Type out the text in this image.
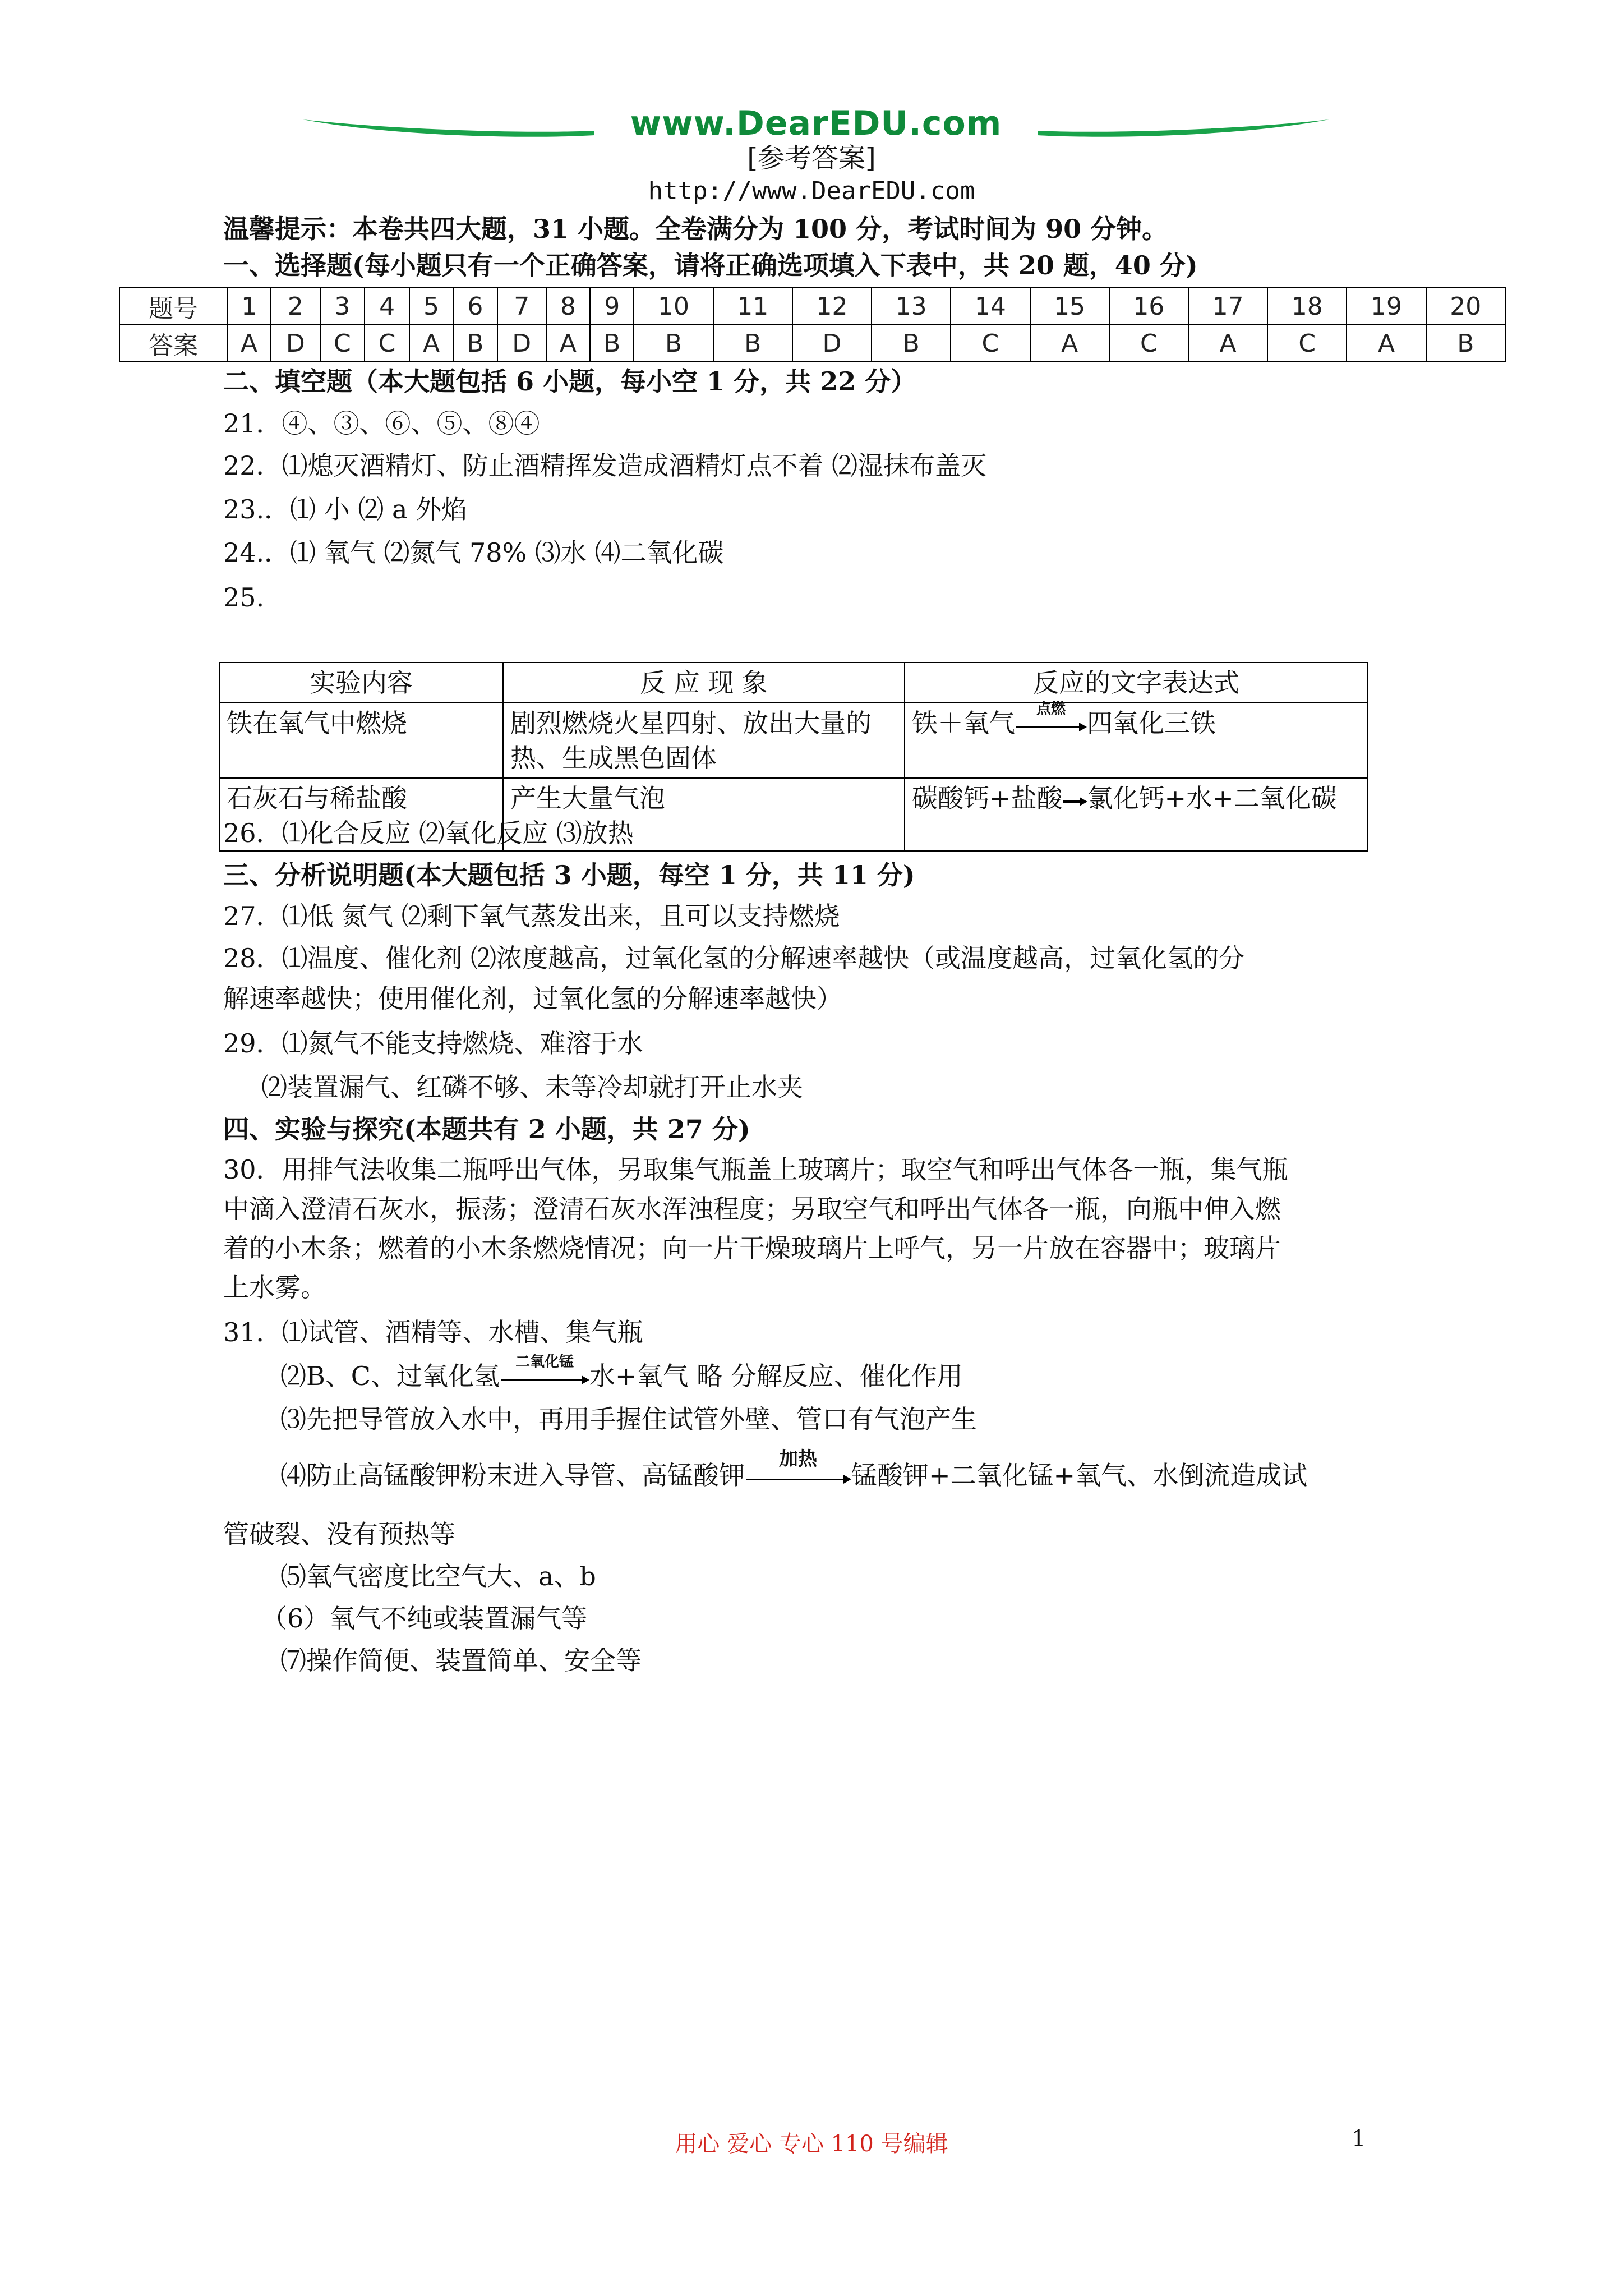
www.DearEDU.com
[参考答案]
http://www.DearEDU.com
温馨提示：本卷共四大题，31 小题。全卷满分为 100 分，考试时间为 90 分钟。
一、选择题(每小题只有一个正确答案，请将正确选项填入下表中，共 20 题，40 分)
题号	1	2	3	4	5	6	7	8	9	10	11	12	13	14	15	16	17	18	19	20
答案	A	D	C	C	A	B	D	A	B	B	B	D	B	C	A	C	A	C	A	B
二、填空题（本大题包括 6 小题，每小空 1 分，共 22 分）
21．④、③、⑥、⑤、⑧④
22．⑴熄灭酒精灯、防止酒精挥发造成酒精灯点不着 ⑵湿抹布盖灭
23.．⑴ 小 ⑵ a 外焰
24.．⑴ 氧气 ⑵氮气 78% ⑶水 ⑷二氧化碳
25.
实验内容	反 应 现 象	反应的文字表达式
铁在氧气中燃烧	剧烈燃烧火星四射、放出大量的热、生成黑色固体	铁＋氧气 点燃 四氧化三铁
石灰石与稀盐酸	产生大量气泡	碳酸钙+盐酸 氯化钙+水+二氧化碳
26．⑴化合反应 ⑵氧化反应 ⑶放热
三、分析说明题(本大题包括 3 小题，每空 1 分，共 11 分)
27．⑴低 氮气 ⑵剩下氧气蒸发出来，且可以支持燃烧
28．⑴温度、催化剂 ⑵浓度越高，过氧化氢的分解速率越快（或温度越高，过氧化氢的分
解速率越快；使用催化剂，过氧化氢的分解速率越快）
29．⑴氮气不能支持燃烧、难溶于水
⑵装置漏气、红磷不够、未等冷却就打开止水夹
四、实验与探究(本题共有 2 小题，共 27 分)
30．用排气法收集二瓶呼出气体，另取集气瓶盖上玻璃片；取空气和呼出气体各一瓶，集气瓶
中滴入澄清石灰水，振荡；澄清石灰水浑浊程度；另取空气和呼出气体各一瓶，向瓶中伸入燃
着的小木条；燃着的小木条燃烧情况；向一片干燥玻璃片上呼气，另一片放在容器中；玻璃片
上水雾。
31．⑴试管、酒精等、水槽、集气瓶
⑵B、C、过氧化氢	二氧化锰 水+氧气 略 分解反应、催化作用
⑶先把导管放入水中，再用手握住试管外壁、管口有气泡产生
⑷防止高锰酸钾粉末进入导管、高锰酸钾
加热
锰酸钾+二氧化锰+氧气、水倒流造成试
管破裂、没有预热等
⑸氧气密度比空气大、a、b
（6）氧气不纯或装置漏气等
⑺操作简便、装置简单、安全等
用心 爱心 专心 110 号编辑	1
